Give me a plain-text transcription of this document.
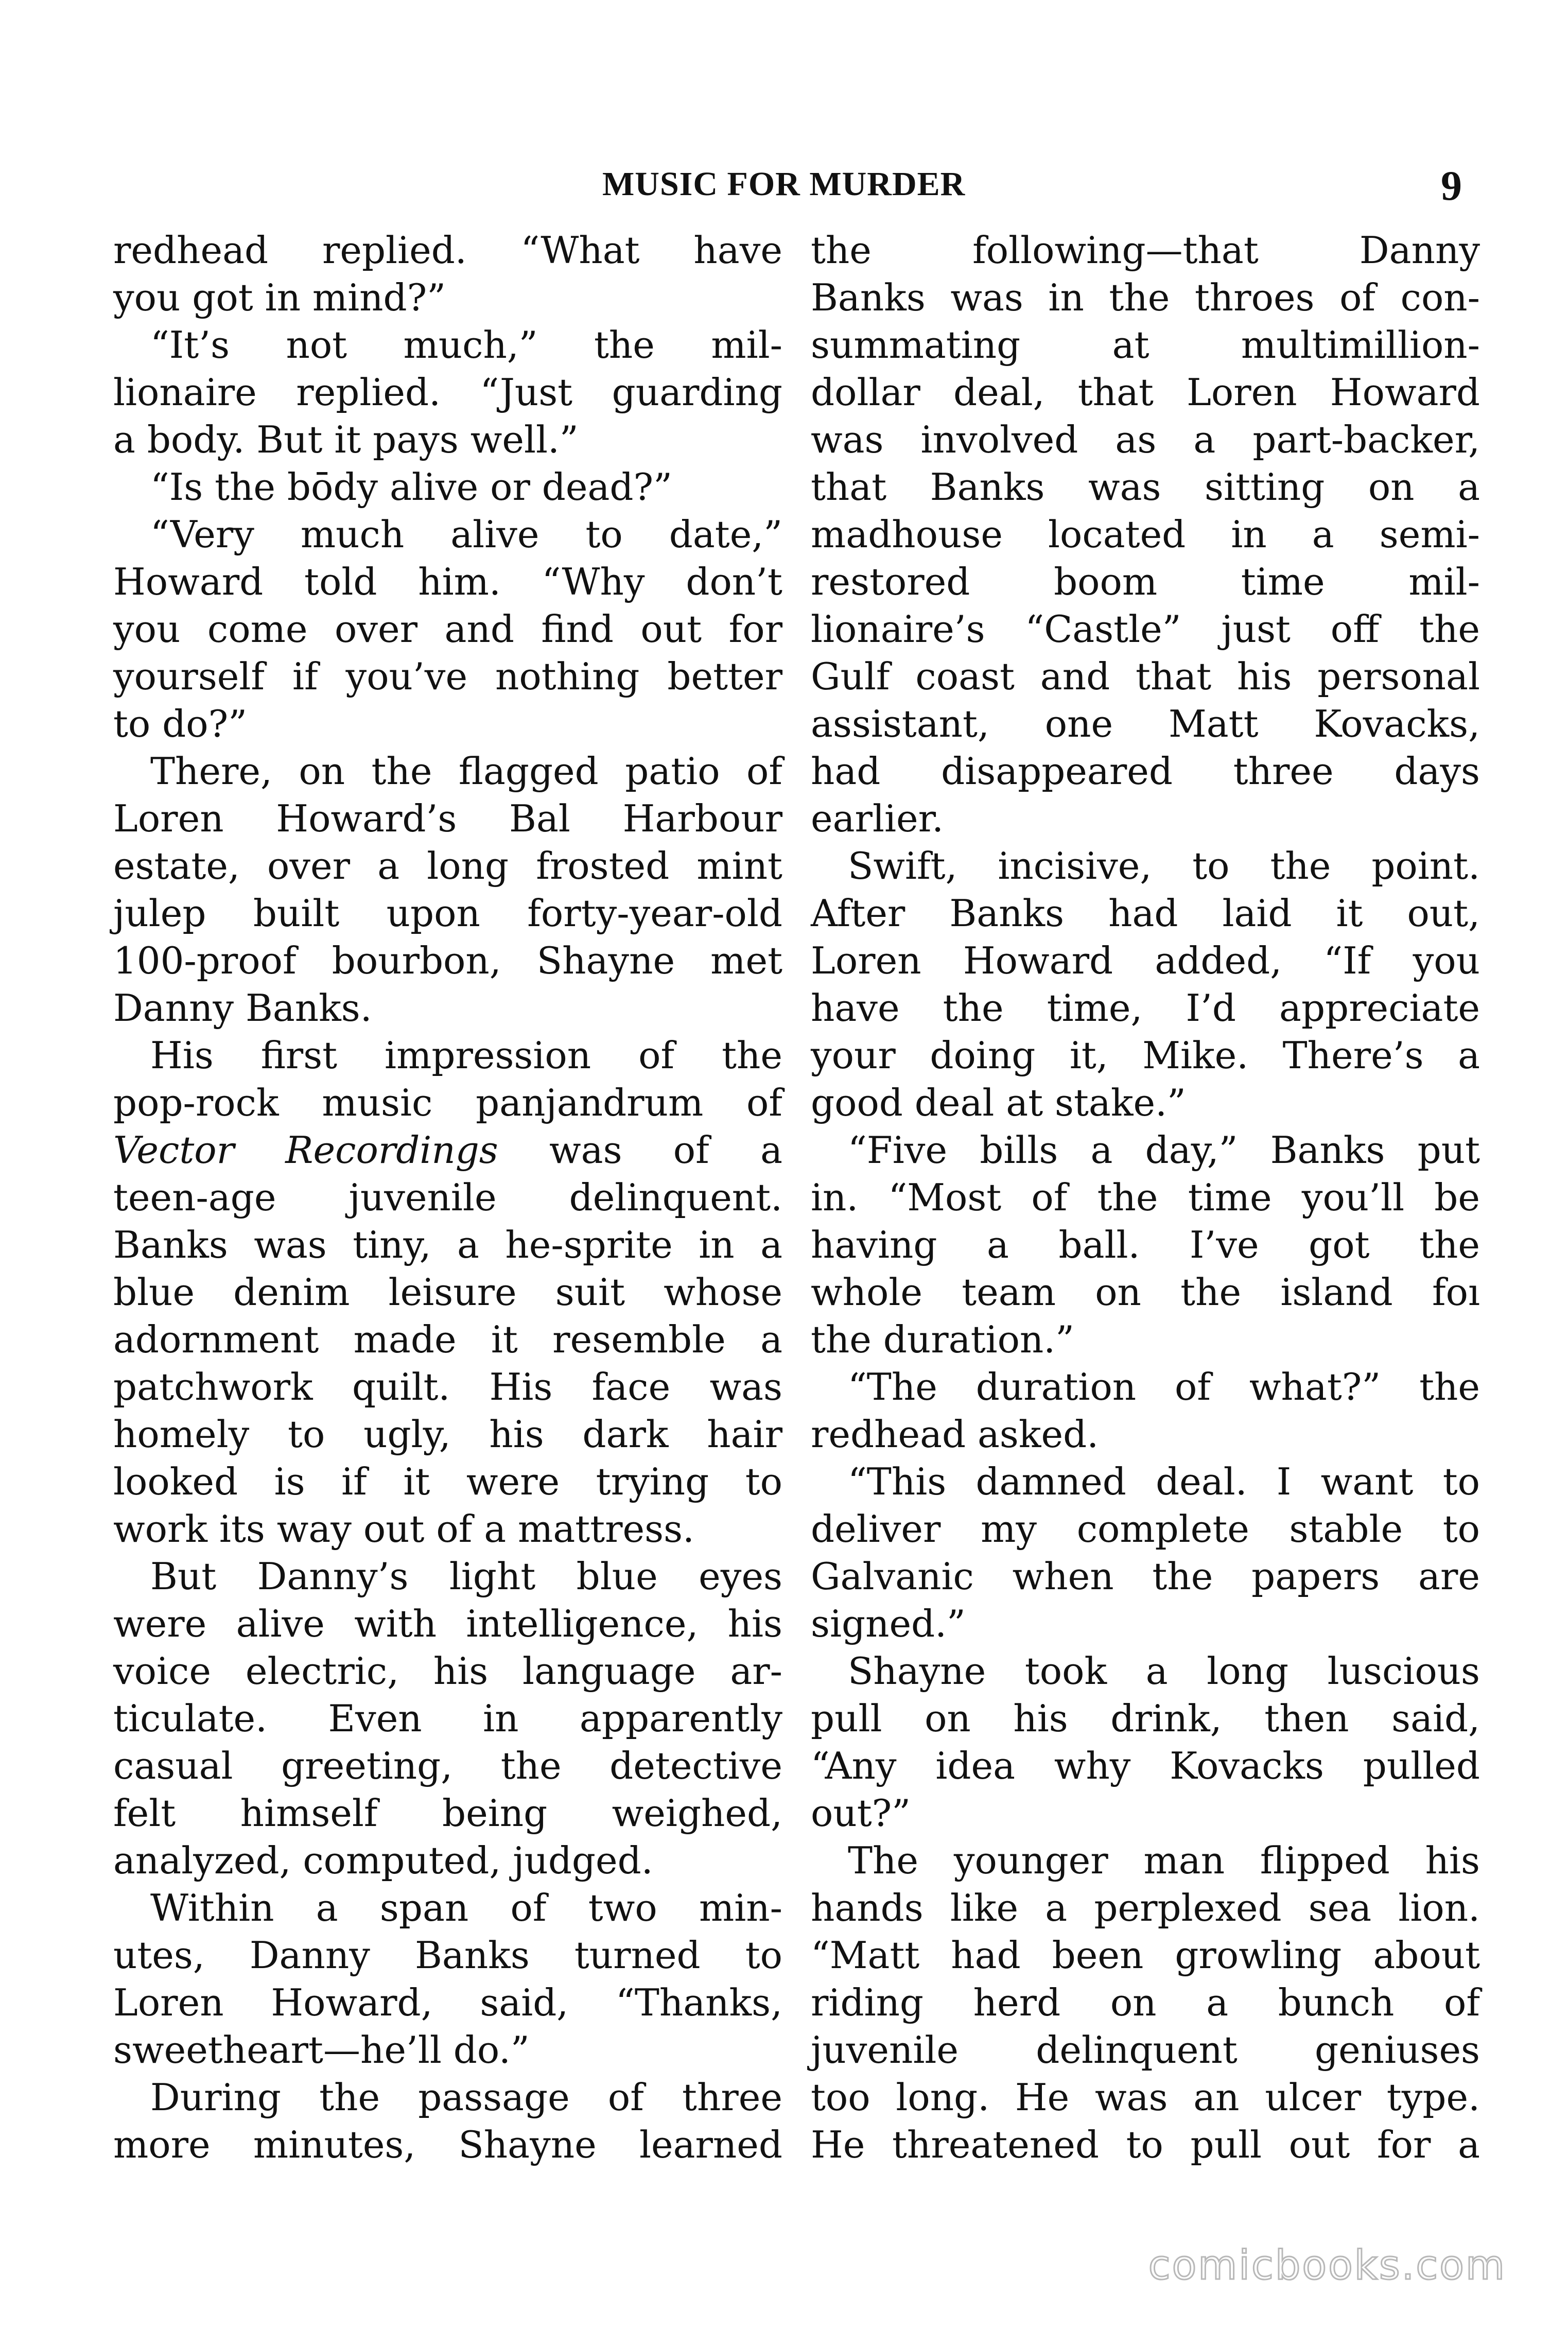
MUSIC FOR MURDER	9
redhead replied. “What have
you got in mind?”
“It’s not much,” the mil-
lionaire replied. “Just guarding
a body. But it pays well.”
“Is the bōdy alive or dead?”
“Very much alive to date,”
Howard told him. “Why don’t
you come over and find out for
yourself if you’ve nothing better
to do?”
There, on the flagged patio of
Loren Howard’s Bal Harbour
estate, over a long frosted mint
julep built upon forty-year-old
100-proof bourbon, Shayne met
Danny Banks.
His first impression of the
pop-rock music panjandrum of
Vector Recordings was of a
teen-age juvenile delinquent.
Banks was tiny, a he-sprite in a
blue denim leisure suit whose
adornment made it resemble a
patchwork quilt. His face was
homely to ugly, his dark hair
looked is if it were trying to
work its way out of a mattress.
But Danny’s light blue eyes
were alive with intelligence, his
voice electric, his language ar-
ticulate. Even in apparently
casual greeting, the detective
felt himself being weighed,
analyzed, computed, judged.
Within a span of two min-
utes, Danny Banks turned to
Loren Howard, said, “Thanks,
sweetheart—he’ll do.”
During the passage of three
more minutes, Shayne learned
the following—that Danny
Banks was in the throes of con-
summating at multimillion-
dollar deal, that Loren Howard
was involved as a part-backer,
that Banks was sitting on a
madhouse located in a semi-
restored boom time mil-
lionaire’s “Castle” just off the
Gulf coast and that his personal
assistant, one Matt Kovacks,
had disappeared three days
earlier.
Swift, incisive, to the point.
After Banks had laid it out,
Loren Howard added, “If you
have the time, I’d appreciate
your doing it, Mike. There’s a
good deal at stake.”
“Five bills a day,” Banks put
in. “Most of the time you’ll be
having a ball. I’ve got the
whole team on the island foı
the duration.”
“The duration of what?” the
redhead asked.
“This damned deal. I want to
deliver my complete stable to
Galvanic when the papers are
signed.”
Shayne took a long luscious
pull on his drink, then said,
“Any idea why Kovacks pulled
out?”
The younger man flipped his
hands like a perplexed sea lion.
“Matt had been growling about
riding herd on a bunch of
juvenile delinquent geniuses
too long. He was an ulcer type.
He threatened to pull out for a
comicbooks.com
